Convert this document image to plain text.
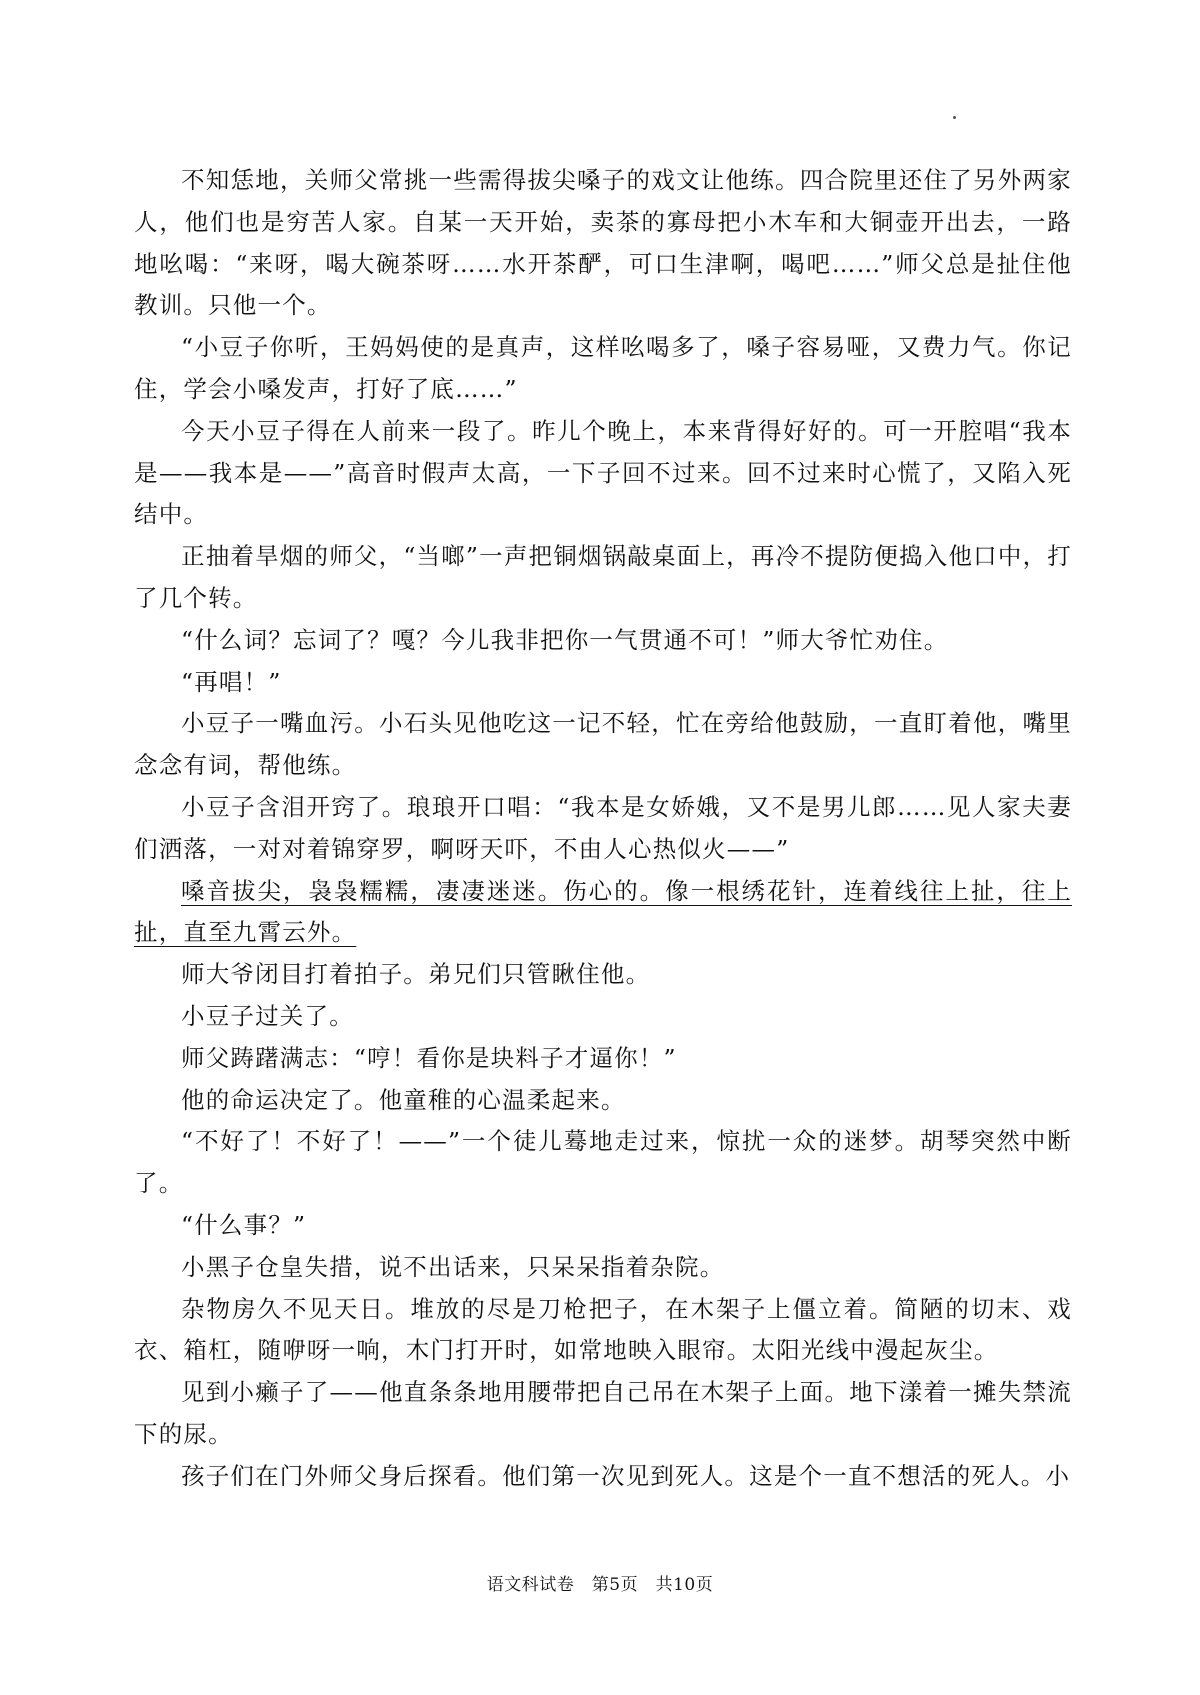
不知恁地，关师父常挑一些需得拔尖嗓子的戏文让他练。四合院里还住了另外两家人，他们也是穷苦人家。自某一天开始，卖茶的寡母把小木车和大铜壶开出去，一路地吆喝：“来呀，喝大碗茶呀……水开茶酽，可口生津啊，喝吧……”师父总是扯住他教训。只他一个。

“小豆子你听，王妈妈使的是真声，这样吆喝多了，嗓子容易哑，又费力气。你记住，学会小嗓发声，打好了底……”

今天小豆子得在人前来一段了。昨儿个晚上，本来背得好好的。可一开腔唱“我本是——我本是——”高音时假声太高，一下子回不过来。回不过来时心慌了，又陷入死结中。

正抽着旱烟的师父，“当啷”一声把铜烟锅敲桌面上，再冷不提防便捣入他口中，打了几个转。

“什么词？忘词了？嘎？今儿我非把你一气贯通不可！”师大爷忙劝住。

“再唱！”

小豆子一嘴血污。小石头见他吃这一记不轻，忙在旁给他鼓励，一直盯着他，嘴里念念有词，帮他练。

小豆子含泪开窍了。琅琅开口唱：“我本是女娇娥，又不是男儿郎……见人家夫妻们洒落，一对对着锦穿罗，啊呀天吓，不由人心热似火——”

嗓音拔尖，袅袅糯糯，凄凄迷迷。伤心的。像一根绣花针，连着线往上扯，往上扯，直至九霄云外。

师大爷闭目打着拍子。弟兄们只管瞅住他。

小豆子过关了。

师父踌躇满志：“哼！看你是块料子才逼你！”

他的命运决定了。他童稚的心温柔起来。

“不好了！不好了！——”一个徒儿蓦地走过来，惊扰一众的迷梦。胡琴突然中断了。

“什么事？”

小黑子仓皇失措，说不出话来，只呆呆指着杂院。

杂物房久不见天日。堆放的尽是刀枪把子，在木架子上僵立着。简陋的切末、戏衣、箱杠，随咿呀一响，木门打开时，如常地映入眼帘。太阳光线中漫起灰尘。

见到小癞子了——他直条条地用腰带把自己吊在木架子上面。地下漾着一摊失禁流下的尿。

孩子们在门外师父身后探看。他们第一次见到死人。这是个一直不想活的死人。小

语文科试卷　第5页　共10页
